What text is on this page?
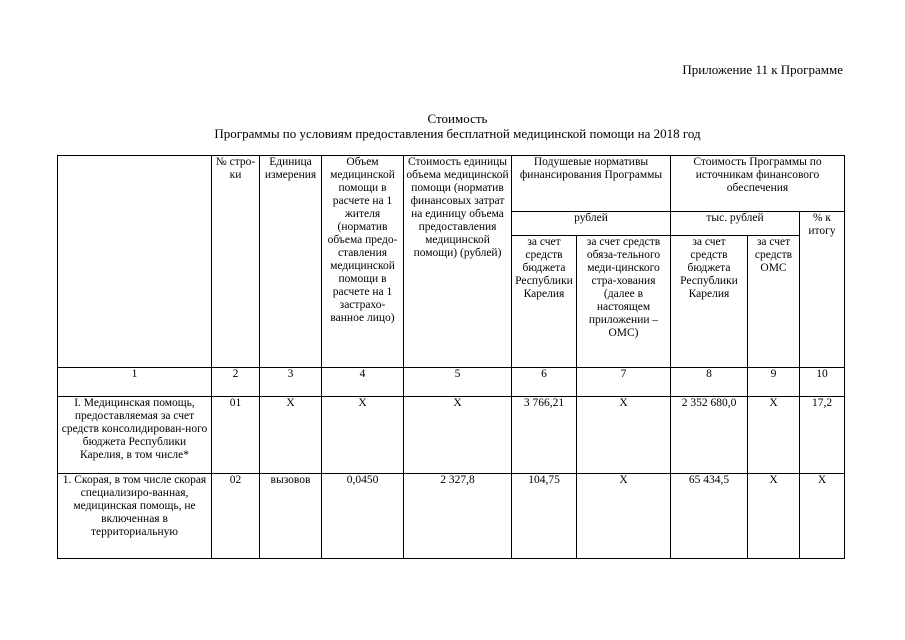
Приложение 11 к Программе
Стоимость
Программы по условиям предоставления бесплатной медицинской помощи на 2018 год
	№ стро-ки	Единица измерения	Объем медицинской помощи в расчете на 1 жителя (норматив объема предо-ставления медицинской помощи в расчете на 1 застрахо-ванное лицо)	Стоимость единицы объема медицинской помощи (норматив финансовых затрат на единицу объема предоставления медицинской помощи) (рублей)	Подушевые нормативы финансирования Программы		Стоимость Программы по источникам финансового обеспечения		
					рублей		тыс. рублей		% к итогу
					за счет средств бюджета Республики Карелия	за счет средств обяза-тельного меди-цинского стра-хования (далее в настоящем приложении – ОМС)	за счет средств бюджета Республики Карелия	за счет средств ОМС	
1	2	3	4	5	6	7	8	9	10
I. Медицинская помощь, предоставляемая за счет средств консолидирован-ного бюджета Республики Карелия, в том числе*	01	Х	Х	Х	3 766,21	Х	2 352 680,0	Х	17,2
1. Скорая, в том числе скорая специализиро-ванная, медицинская помощь, не включенная в территориальную	02	вызовов	0,0450	2 327,8	104,75	Х	65 434,5	Х	Х
